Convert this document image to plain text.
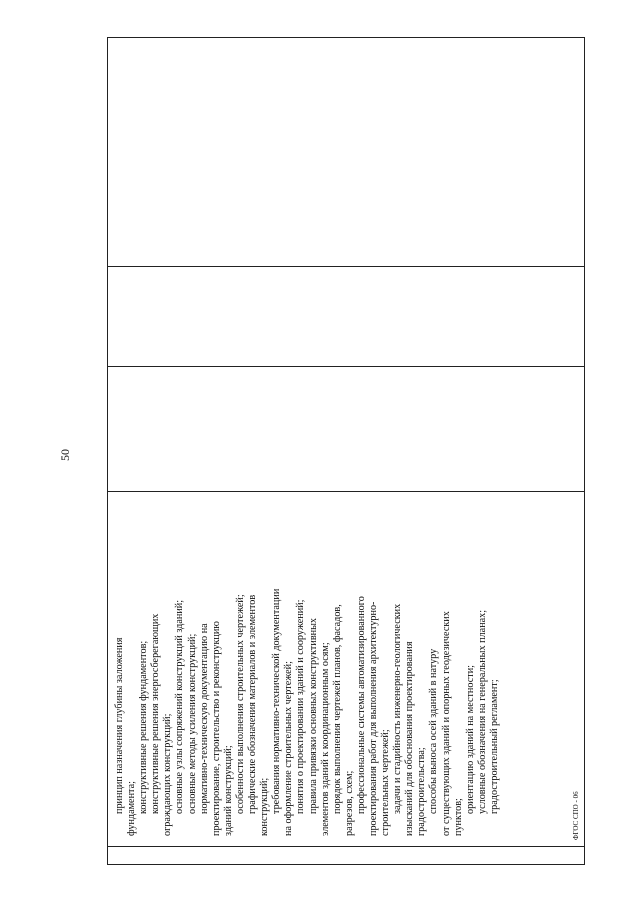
50

принцип назначения глубины заложения фундамента; конструктивные решения фундаментов; конструктивные решения энергосберегающих ограждающих конструкций; основные узлы сопряжений конструкций зданий; основные методы усиления конструкций; нормативно-техническую документацию на проектирование, строительство и реконструкцию зданий конструкций; особенности выполнения строительных чертежей; графические обозначения материалов и элементов конструкций; требования нормативно-технической документации на оформление строительных чертежей; понятия о проектировании зданий и сооружений; правила привязки основных конструктивных элементов зданий к координационным осям; порядок выполнения чертежей планов, фасадов, разрезов, схем; профессиональные системы автоматизированного проектирования работ для выполнения архитектурно- строительных чертежей; задачи и стадийность инженерно-геологических изысканий для обоснования проектирования градостроительства; способы выноса осей зданий в натуру от существующих зданий и опорных геодезических пунктов;
ориентацию зданий на местности; условные обозначения на генеральных планах; градостроительный регламент;

ФГОС СПО - 06
